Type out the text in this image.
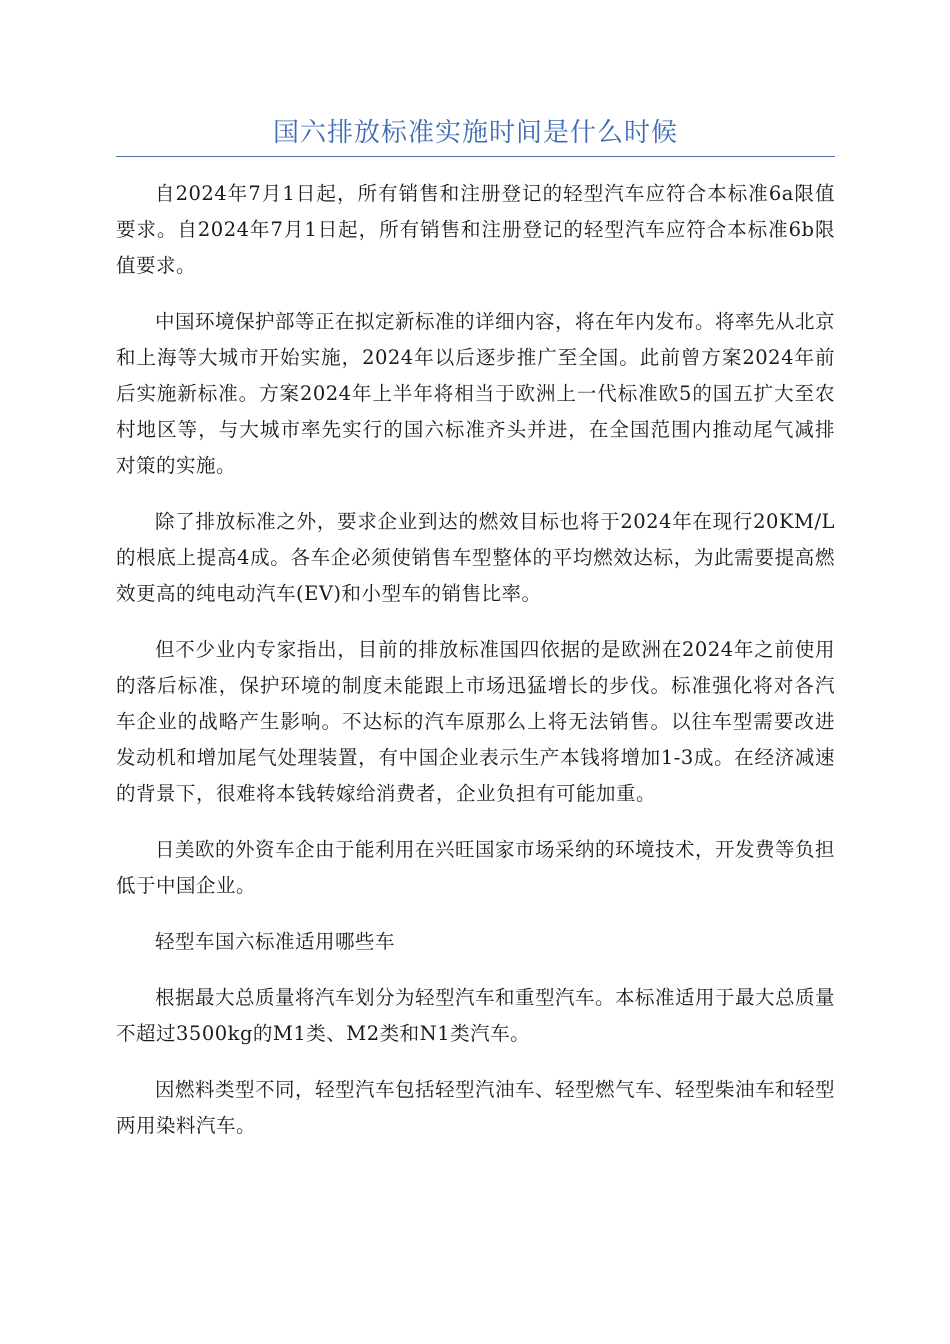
国六排放标准实施时间是什么时候

自2024年7月1日起，所有销售和注册登记的轻型汽车应符合本标准6a限值要求。自2024年7月1日起，所有销售和注册登记的轻型汽车应符合本标准6b限值要求。

中国环境保护部等正在拟定新标准的详细内容，将在年内发布。将率先从北京和上海等大城市开始实施，2024年以后逐步推广至全国。此前曾方案2024年前后实施新标准。方案2024年上半年将相当于欧洲上一代标准欧5的国五扩大至农村地区等，与大城市率先实行的国六标准齐头并进，在全国范围内推动尾气减排对策的实施。

除了排放标准之外，要求企业到达的燃效目标也将于2024年在现行20KM/L的根底上提高4成。各车企必须使销售车型整体的平均燃效达标，为此需要提高燃效更高的纯电动汽车(EV)和小型车的销售比率。

但不少业内专家指出，目前的排放标准国四依据的是欧洲在2024年之前使用的落后标准，保护环境的制度未能跟上市场迅猛增长的步伐。标准强化将对各汽车企业的战略产生影响。不达标的汽车原那么上将无法销售。以往车型需要改进发动机和增加尾气处理装置，有中国企业表示生产本钱将增加1-3成。在经济减速的背景下，很难将本钱转嫁给消费者，企业负担有可能加重。

日美欧的外资车企由于能利用在兴旺国家市场采纳的环境技术，开发费等负担低于中国企业。

轻型车国六标准适用哪些车

根据最大总质量将汽车划分为轻型汽车和重型汽车。本标准适用于最大总质量不超过3500kg的M1类、M2类和N1类汽车。

因燃料类型不同，轻型汽车包括轻型汽油车、轻型燃气车、轻型柴油车和轻型两用染料汽车。
